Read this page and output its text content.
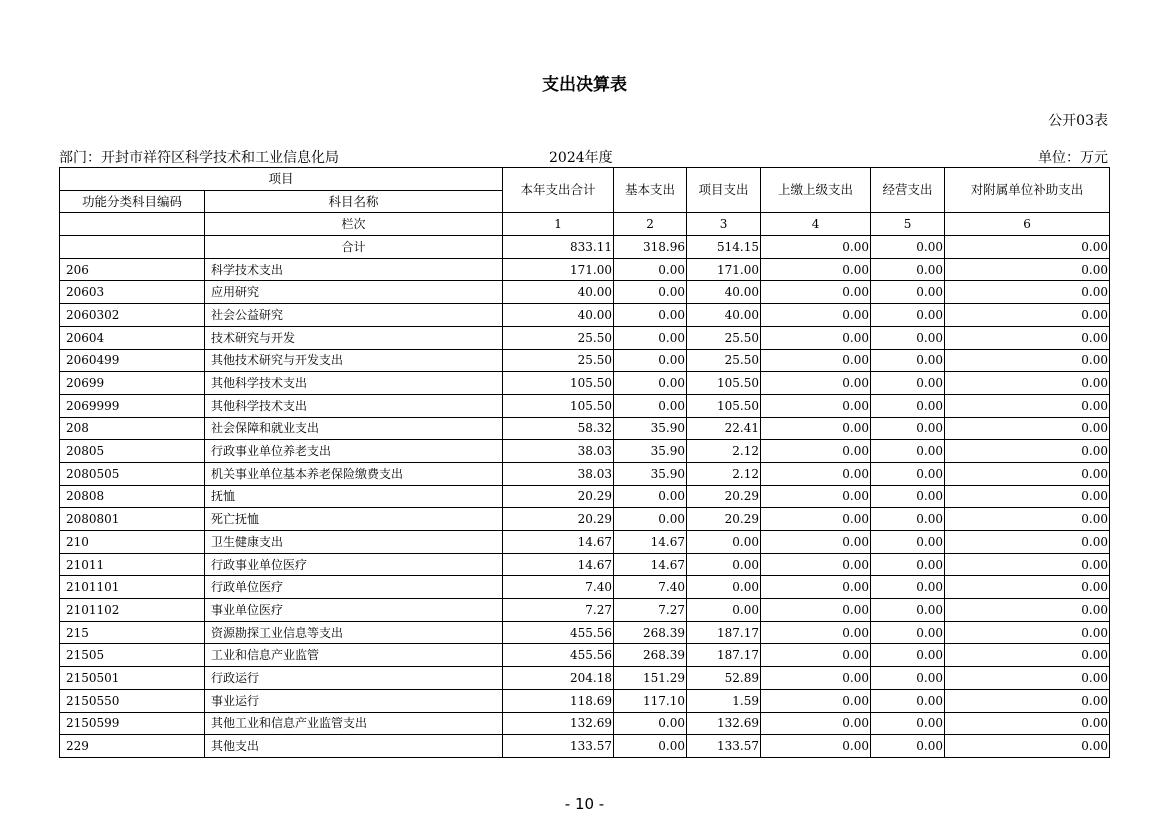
支出决算表
公开03表
部门：开封市祥符区科学技术和工业信息化局	2024年度	单位：万元
项目		本年支出合计	基本支出	项目支出	上缴上级支出	经营支出	对附属单位补助支出
功能分类科目编码	科目名称						
	栏次	1	2	3	4	5	6
	合计	833.11	318.96	514.15	0.00	0.00	0.00
206	科学技术支出	171.00	0.00	171.00	0.00	0.00	0.00
20603	应用研究	40.00	0.00	40.00	0.00	0.00	0.00
2060302	社会公益研究	40.00	0.00	40.00	0.00	0.00	0.00
20604	技术研究与开发	25.50	0.00	25.50	0.00	0.00	0.00
2060499	其他技术研究与开发支出	25.50	0.00	25.50	0.00	0.00	0.00
20699	其他科学技术支出	105.50	0.00	105.50	0.00	0.00	0.00
2069999	其他科学技术支出	105.50	0.00	105.50	0.00	0.00	0.00
208	社会保障和就业支出	58.32	35.90	22.41	0.00	0.00	0.00
20805	行政事业单位养老支出	38.03	35.90	2.12	0.00	0.00	0.00
2080505	机关事业单位基本养老保险缴费支出	38.03	35.90	2.12	0.00	0.00	0.00
20808	抚恤	20.29	0.00	20.29	0.00	0.00	0.00
2080801	死亡抚恤	20.29	0.00	20.29	0.00	0.00	0.00
210	卫生健康支出	14.67	14.67	0.00	0.00	0.00	0.00
21011	行政事业单位医疗	14.67	14.67	0.00	0.00	0.00	0.00
2101101	行政单位医疗	7.40	7.40	0.00	0.00	0.00	0.00
2101102	事业单位医疗	7.27	7.27	0.00	0.00	0.00	0.00
215	资源勘探工业信息等支出	455.56	268.39	187.17	0.00	0.00	0.00
21505	工业和信息产业监管	455.56	268.39	187.17	0.00	0.00	0.00
2150501	行政运行	204.18	151.29	52.89	0.00	0.00	0.00
2150550	事业运行	118.69	117.10	1.59	0.00	0.00	0.00
2150599	其他工业和信息产业监管支出	132.69	0.00	132.69	0.00	0.00	0.00
229	其他支出	133.57	0.00	133.57	0.00	0.00	0.00
- 10 -
